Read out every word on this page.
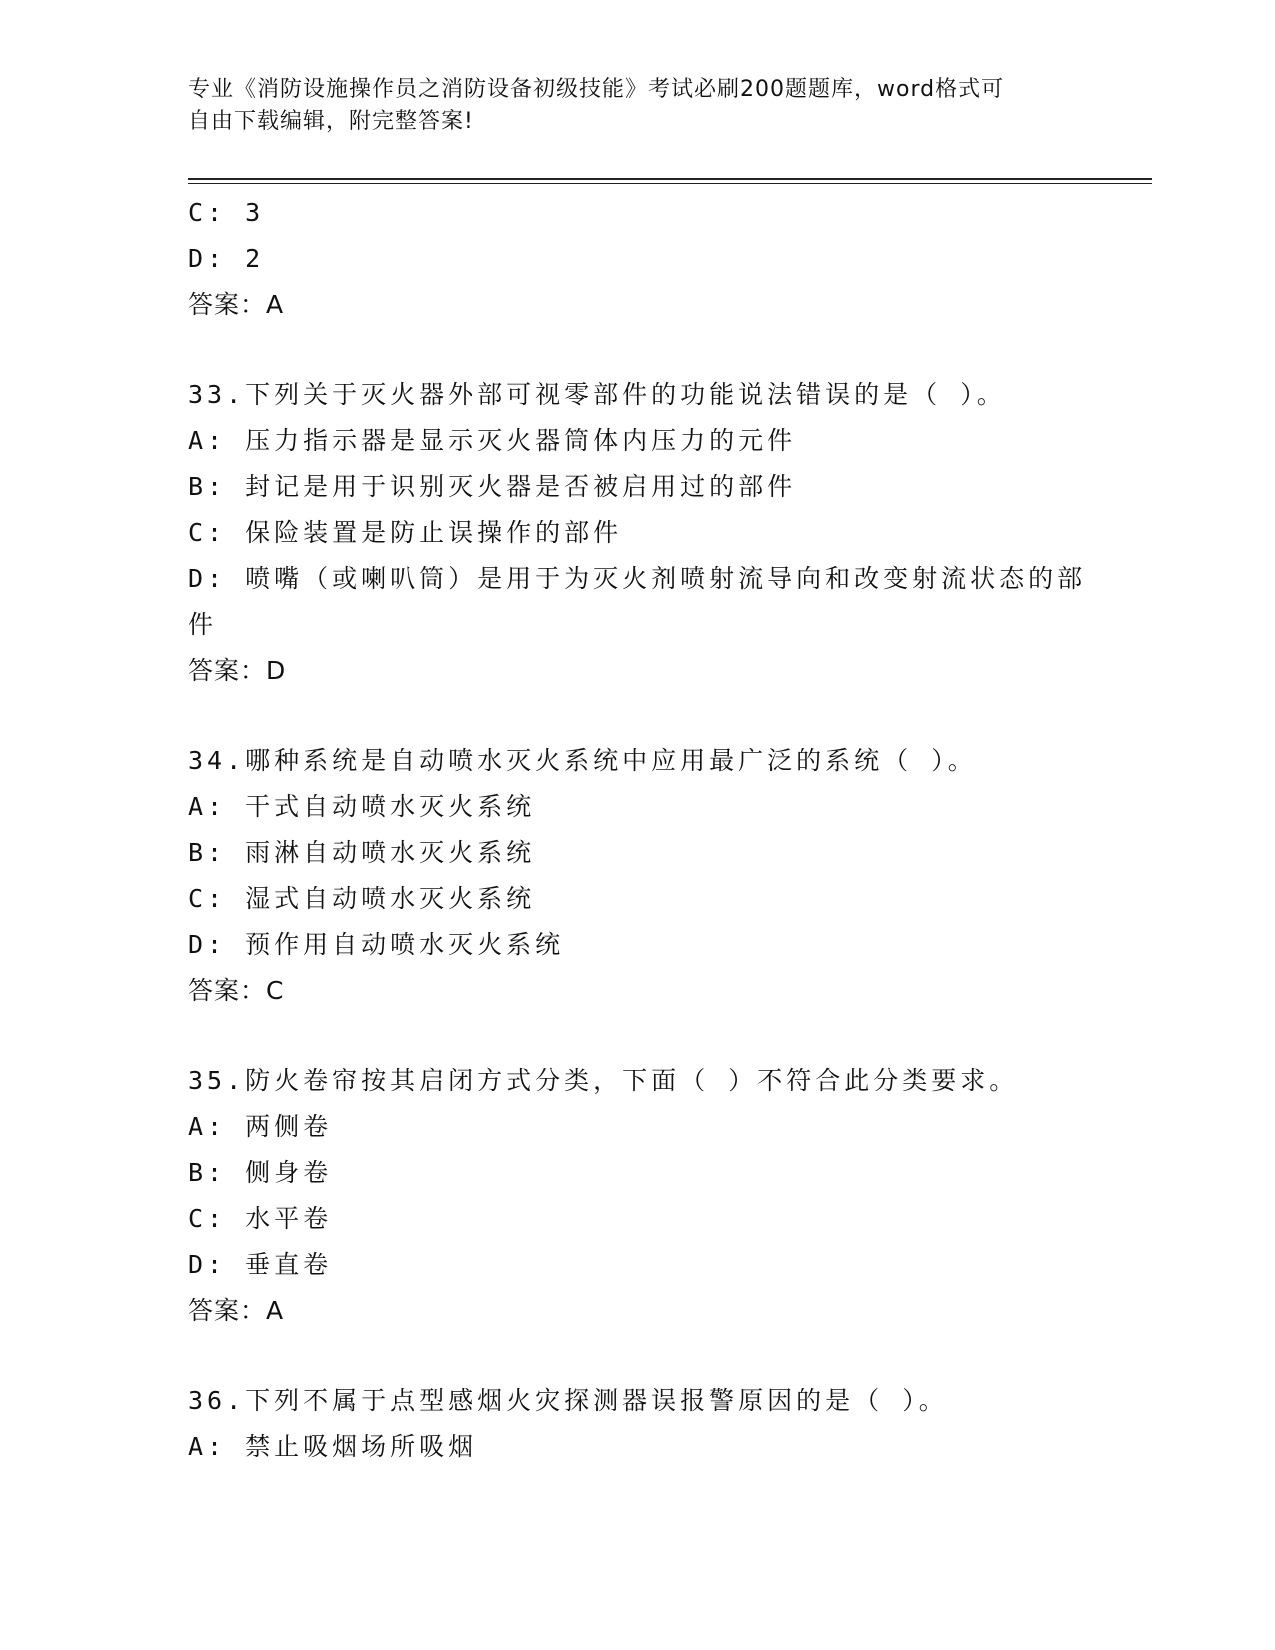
专业《消防设施操作员之消防设备初级技能》考试必刷200题题库，word格式可
自由下载编辑，附完整答案!
C: 3
D: 2
答案：A
33.下列关于灭火器外部可视零部件的功能说法错误的是（ ）。
A: 压力指示器是显示灭火器筒体内压力的元件
B: 封记是用于识别灭火器是否被启用过的部件
C: 保险装置是防止误操作的部件
D: 喷嘴（或喇叭筒）是用于为灭火剂喷射流导向和改变射流状态的部
件
答案：D
34.哪种系统是自动喷水灭火系统中应用最广泛的系统（ ）。
A: 干式自动喷水灭火系统
B: 雨淋自动喷水灭火系统
C: 湿式自动喷水灭火系统
D: 预作用自动喷水灭火系统
答案：C
35.防火卷帘按其启闭方式分类，下面（ ）不符合此分类要求。
A: 两侧卷
B: 侧身卷
C: 水平卷
D: 垂直卷
答案：A
36.下列不属于点型感烟火灾探测器误报警原因的是（ ）。
A: 禁止吸烟场所吸烟
